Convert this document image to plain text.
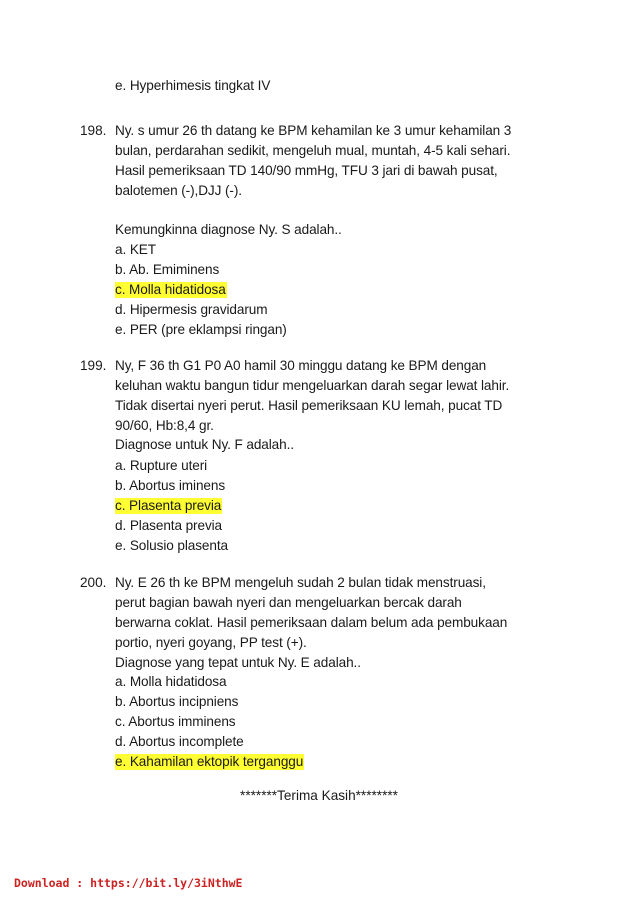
e. Hyperhimesis tingkat IV
198. Ny. s umur 26 th datang ke BPM kehamilan ke 3 umur kehamilan 3
bulan, perdarahan sedikit, mengeluh mual, muntah, 4-5 kali sehari.
Hasil pemeriksaan TD 140/90 mmHg, TFU 3 jari di bawah pusat,
balotemen (-),DJJ (-).
Kemungkinna diagnose Ny. S adalah..
a. KET
b. Ab. Emiminens
c. Molla hidatidosa
d. Hipermesis gravidarum
e. PER (pre eklampsi ringan)
199. Ny, F 36 th G1 P0 A0 hamil 30 minggu datang ke BPM dengan
keluhan waktu bangun tidur mengeluarkan darah segar lewat lahir.
Tidak disertai nyeri perut. Hasil pemeriksaan KU lemah, pucat TD
90/60, Hb:8,4 gr.
Diagnose untuk Ny. F adalah..
a. Rupture uteri
b. Abortus iminens
c. Plasenta previa
d. Plasenta previa
e. Solusio plasenta
200. Ny. E 26 th ke BPM mengeluh sudah 2 bulan tidak menstruasi,
perut bagian bawah nyeri dan mengeluarkan bercak darah
berwarna coklat. Hasil pemeriksaan dalam belum ada pembukaan
portio, nyeri goyang, PP test (+).
Diagnose yang tepat untuk Ny. E adalah..
a. Molla hidatidosa
b. Abortus incipniens
c. Abortus imminens
d. Abortus incomplete
e. Kahamilan ektopik terganggu
*******Terima Kasih********
Download : https://bit.ly/3iNthwE
